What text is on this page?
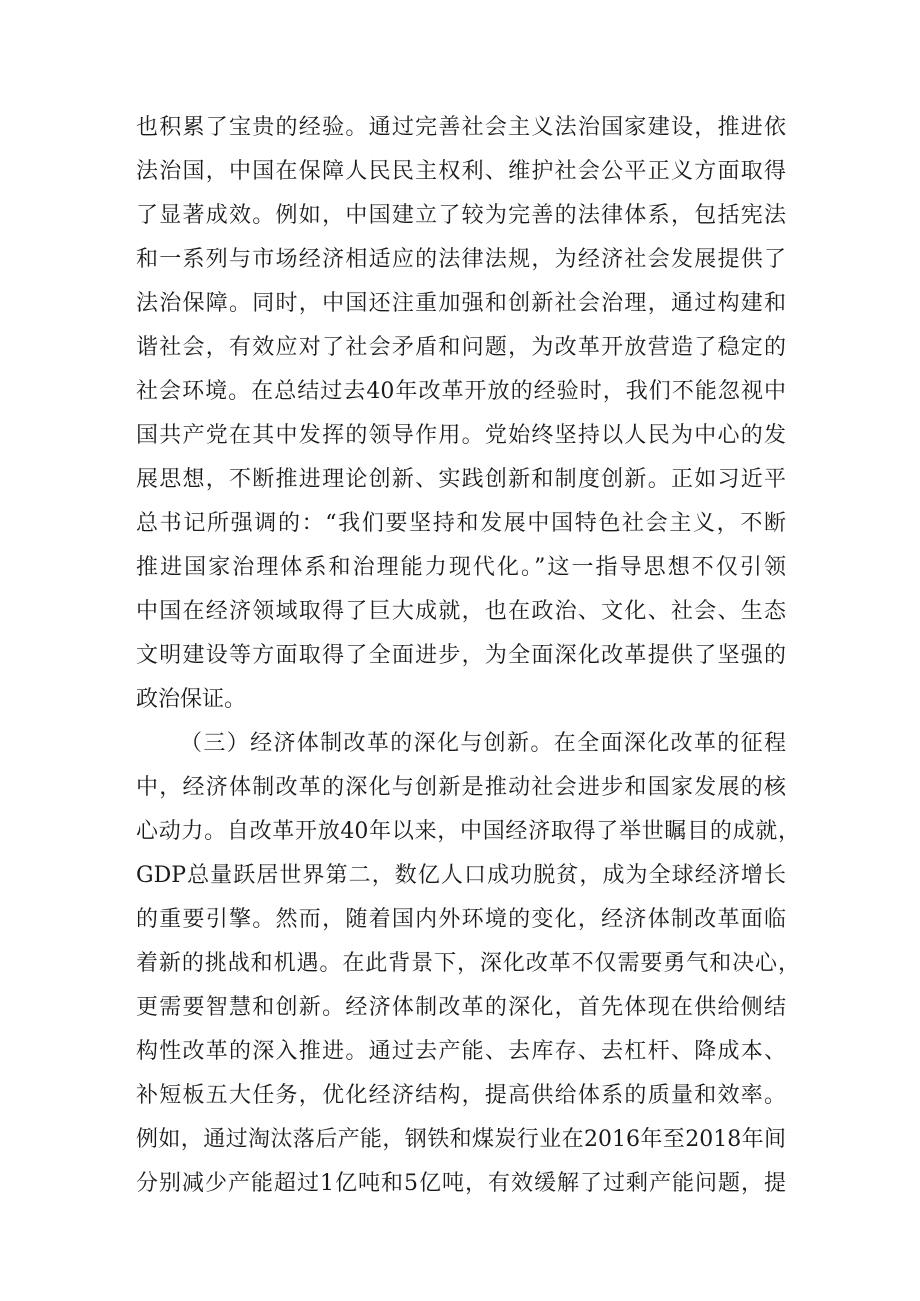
也积累了宝贵的经验。通过完善社会主义法治国家建设，推进依
法治国，中国在保障人民民主权利、维护社会公平正义方面取得
了显著成效。例如，中国建立了较为完善的法律体系，包括宪法
和一系列与市场经济相适应的法律法规，为经济社会发展提供了
法治保障。同时，中国还注重加强和创新社会治理，通过构建和
谐社会，有效应对了社会矛盾和问题，为改革开放营造了稳定的
社会环境。在总结过去40年改革开放的经验时，我们不能忽视中
国共产党在其中发挥的领导作用。党始终坚持以人民为中心的发
展思想，不断推进理论创新、实践创新和制度创新。正如习近平
总书记所强调的：“我们要坚持和发展中国特色社会主义，不断
推进国家治理体系和治理能力现代化。”这一指导思想不仅引领
中国在经济领域取得了巨大成就，也在政治、文化、社会、生态
文明建设等方面取得了全面进步，为全面深化改革提供了坚强的
政治保证。
（三）经济体制改革的深化与创新。在全面深化改革的征程
中，经济体制改革的深化与创新是推动社会进步和国家发展的核
心动力。自改革开放40年以来，中国经济取得了举世瞩目的成就，
GDP总量跃居世界第二，数亿人口成功脱贫，成为全球经济增长
的重要引擎。然而，随着国内外环境的变化，经济体制改革面临
着新的挑战和机遇。在此背景下，深化改革不仅需要勇气和决心，
更需要智慧和创新。经济体制改革的深化，首先体现在供给侧结
构性改革的深入推进。通过去产能、去库存、去杠杆、降成本、
补短板五大任务，优化经济结构，提高供给体系的质量和效率。
例如，通过淘汰落后产能，钢铁和煤炭行业在2016年至2018年间
分别减少产能超过1亿吨和5亿吨，有效缓解了过剩产能问题，提
